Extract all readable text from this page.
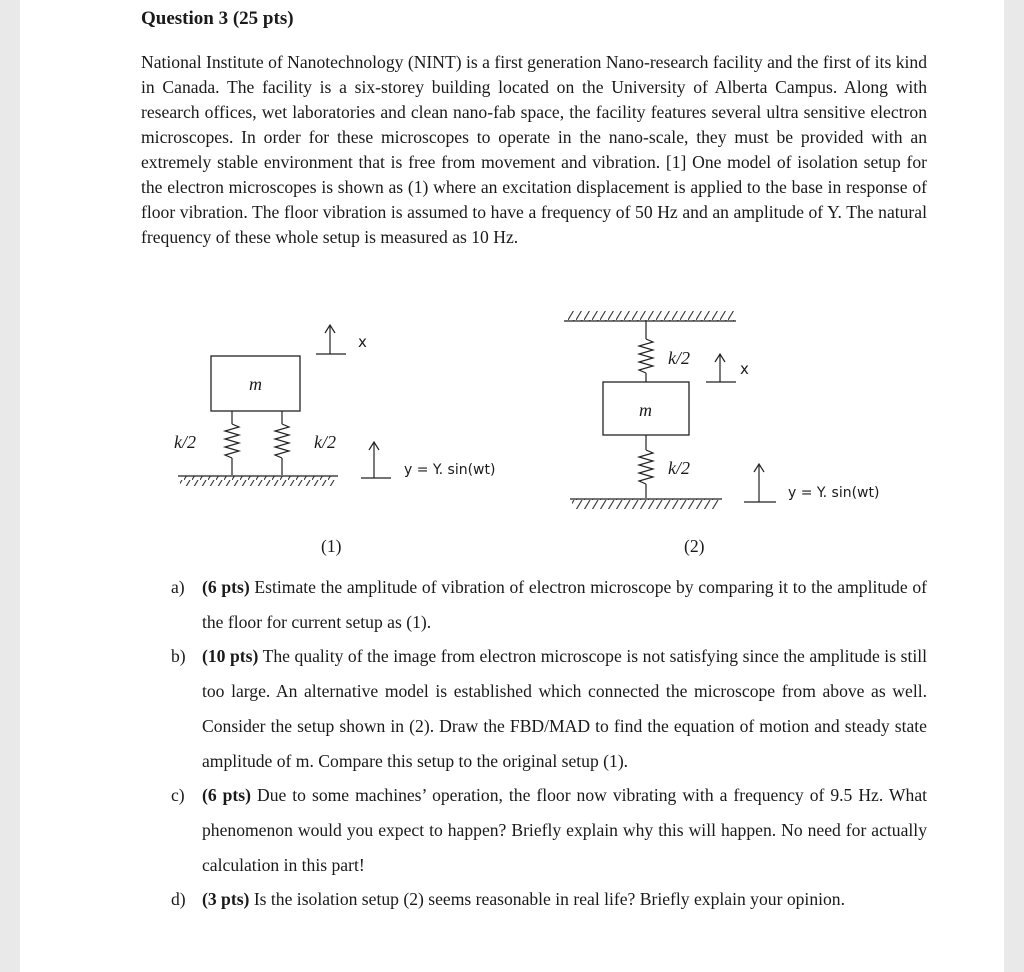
Question 3 (25 pts)

National Institute of Nanotechnology (NINT) is a first generation Nano-research facility and the first of its kind in Canada. The facility is a six-storey building located on the University of Alberta Campus. Along with research offices, wet laboratories and clean nano-fab space, the facility features several ultra sensitive electron microscopes. In order for these microscopes to operate in the nano-scale, they must be provided with an extremely stable environment that is free from movement and vibration. [1] One model of isolation setup for the electron microscopes is shown as (1) where an excitation displacement is applied to the base in response of floor vibration. The floor vibration is assumed to have a frequency of 50 Hz and an amplitude of Y. The natural frequency of these whole setup is measured as 10 Hz.

m
k/2	k/2
x
y = Y. sin(wt)
k/2
m
k/2
x
y = Y. sin(wt)
(1)	(2)
a) (6 pts) Estimate the amplitude of vibration of electron microscope by comparing it to the amplitude of the floor for current setup as (1).
b) (10 pts) The quality of the image from electron microscope is not satisfying since the amplitude is still too large. An alternative model is established which connected the microscope from above as well. Consider the setup shown in (2). Draw the FBD/MAD to find the equation of motion and steady state amplitude of m. Compare this setup to the original setup (1).
c) (6 pts) Due to some machines’ operation, the floor now vibrating with a frequency of 9.5 Hz. What phenomenon would you expect to happen? Briefly explain why this will happen. No need for actually calculation in this part!
d) (3 pts) Is the isolation setup (2) seems reasonable in real life? Briefly explain your opinion.
